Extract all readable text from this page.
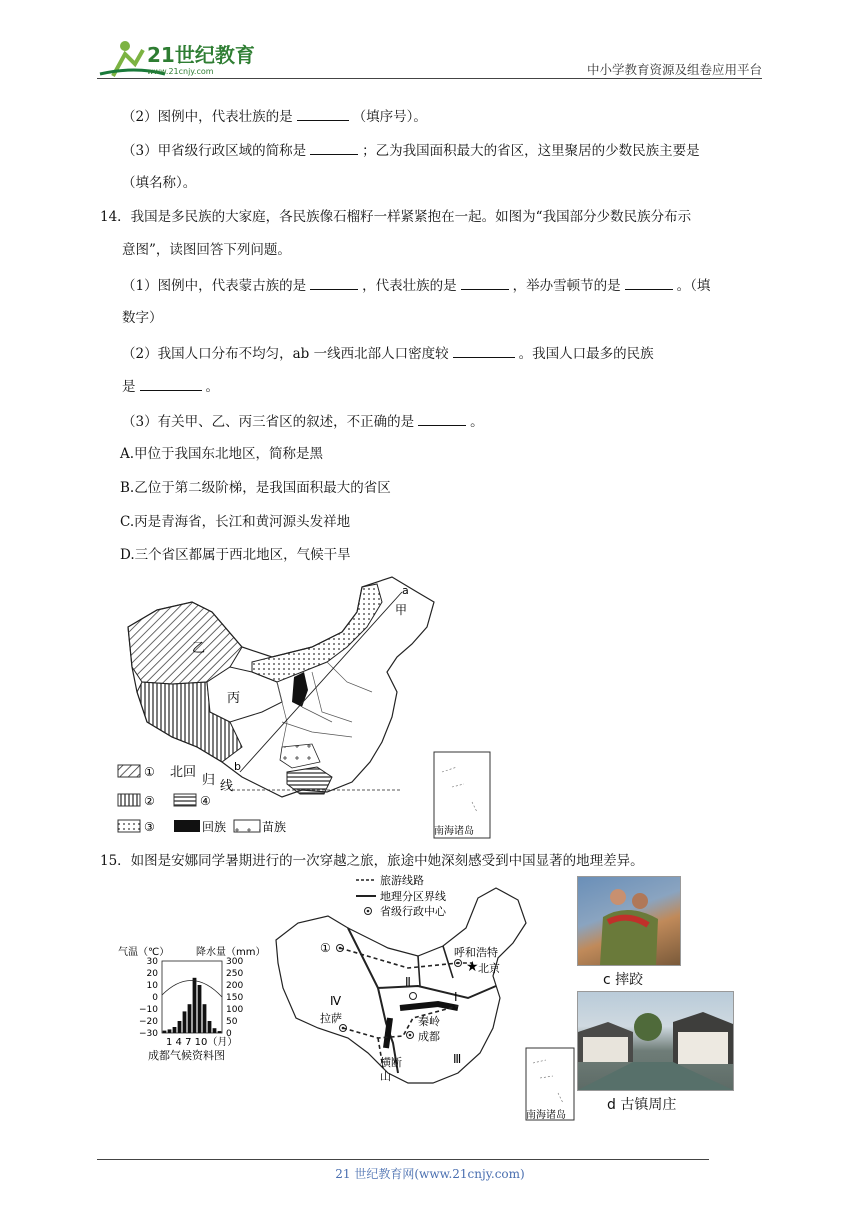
21世纪教育
www.21cnjy.com	中小学教育资源及组卷应用平台
（2）图例中，代表壮族的是	（填序号）。
（3）甲省级行政区域的简称是	；乙为我国面积最大的省区，这里聚居的少数民族主要是
（填名称）。
14．我国是多民族的大家庭，各民族像石榴籽一样紧紧抱在一起。如图为“我国部分少数民族分布示
意图”，读图回答下列问题。
（1）图例中，代表蒙古族的是	，代表壮族的是	，举办雪顿节的是	。（填
数字）
（2）我国人口分布不均匀，ab 一线西北部人口密度较	。我国人口最多的民族
是	。
（3）有关甲、乙、丙三省区的叙述，不正确的是	。
A.甲位于我国东北地区，简称是黑
B.乙位于第二级阶梯，是我国面积最大的省区
C.丙是青海省，长江和黄河源头发祥地
D.三个省区都属于西北地区，气候干旱
a
b
甲
乙
丙
① 北回
归 线
②	④
③	回族	苗族	南海诸岛
15．如图是安娜同学暑期进行的一次穿越之旅，旅途中她深刻感受到中国显著的地理差异。
气温（℃）	降水量（mm）
30
20
10
0
−10
−20
−30
300
250
200
150
100
50
0
1 4 7 10（月）
成都气候资料图
旅游线路
地理分区界线
省级行政中心
①	呼和浩特
★ 北京
拉萨
成都
秦岭
横断
山
Ⅰ
Ⅱ
Ⅲ
Ⅳ
南海诸岛
c 摔跤
d 古镇周庄
21 世纪教育网(www.21cnjy.com)
